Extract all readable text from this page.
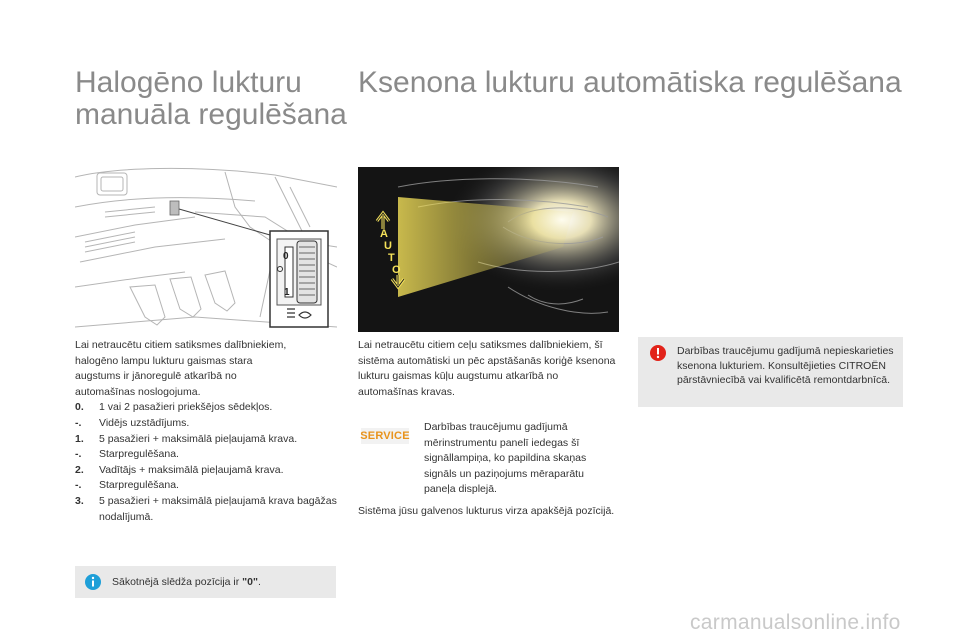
Halogēno lukturu
manuāla regulēšana
Ksenona lukturu automātiska regulēšana
0
1
A
U
T
O
Lai netraucētu citiem satiksmes dalībniekiem,
halogēno lampu lukturu gaismas stara
augstums ir jānoregulē atkarībā no
automašīnas noslogojuma.
0.	1 vai 2 pasažieri priekšējos sēdekļos.
-.	Vidējs uzstādījums.
1.	5 pasažieri + maksimālā pieļaujamā krava.
-.	Starpregulēšana.
2.	Vadītājs + maksimālā pieļaujamā krava.
-.	Starpregulēšana.
3.	5 pasažieri + maksimālā pieļaujamā krava bagāžas nodalījumā.
Sākotnējā slēdža pozīcija ir "0".
Lai netraucētu citiem ceļu satiksmes dalībniekiem, šī sistēma automātiski un pēc apstāšanās koriģē ksenona lukturu gaismas kūļu augstumu atkarībā no automašīnas kravas.
SERVICE
Darbības traucējumu gadījumā mērinstrumentu panelī iedegas šī signāllampiņa, ko papildina skaņas signāls un paziņojums mēraparātu paneļa displejā.
Sistēma jūsu galvenos lukturus virza apakšējā pozīcijā.
Darbības traucējumu gadījumā nepieskarieties ksenona lukturiem. Konsultējieties CITROËN pārstāvniecībā vai kvalificētā remontdarbnīcā.
carmanualsonline.info
